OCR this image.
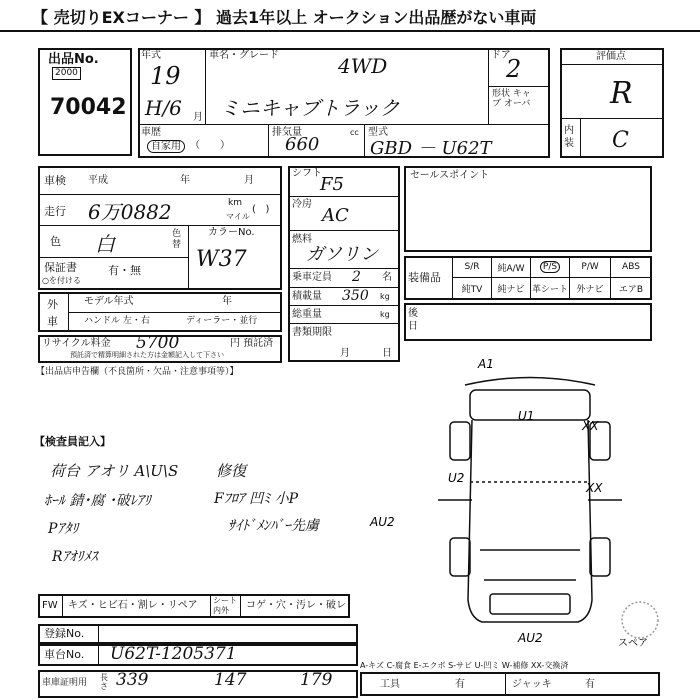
【 売切りEXコーナー 】 過去1年以上 オークション出品歴がない車両
出品No.
2000
70042
年式
19
H/6 月
車名・グレード	4WD
ミニキャブトラック
ドア
2
形状 キャブ オーバ
車歴
自家用 （　　）
排気量	cc
660
型式
GBD － U62T
評価点
R
内装 C
車検 平成	年	月
走行 6万0882	km
マイル
(   )
色 白	色替
カラーNo.
W37
保証書
○を付ける
有・無
シフト
F5
冷房
AC
燃料
ガソリン
乗車定員 2 名
積載量 350 kg
総重量	kg
書類期限
月	日
セールスポイント
装備品
S/R	純A/W	P/S	P/W	ABS
純TV	純ナビ 革シート 外ナビ	エアB
後日
外車
モデル年式	年
ハンドル 左・右	ディーラー・並行
リサイクル料金 5700	円 預託済
預託済で精算明細された方は金額記入して下さい
【出品店申告欄（不良箇所・欠品・注意事項等）】
【検査員記入】
荷台 アオリ A\U\S
ﾎｰﾙ 錆･腐 ･破ﾚｱﾘ
Pｱﾀﾘ
Rｱｵﾘﾒｽ
修復
Fﾌﾛｱ 凹ﾐ 小P
ｻｲﾄﾞﾒﾝﾊﾞｰ先虜
A1
U1
XX
U2
XX
AU2
AU2	スペア
FW キズ・ヒビ石・割レ・リペア シート
内外 コゲ・穴・汚レ・破レ
登録No.
車台No. U62T-1205371
A-キズ C-腐食 E-エクボ S-サビ U-凹ミ W-補修 XX-交換済
車庫証明用
長さ 339	147	179	工具	有	ジャッキ	有
